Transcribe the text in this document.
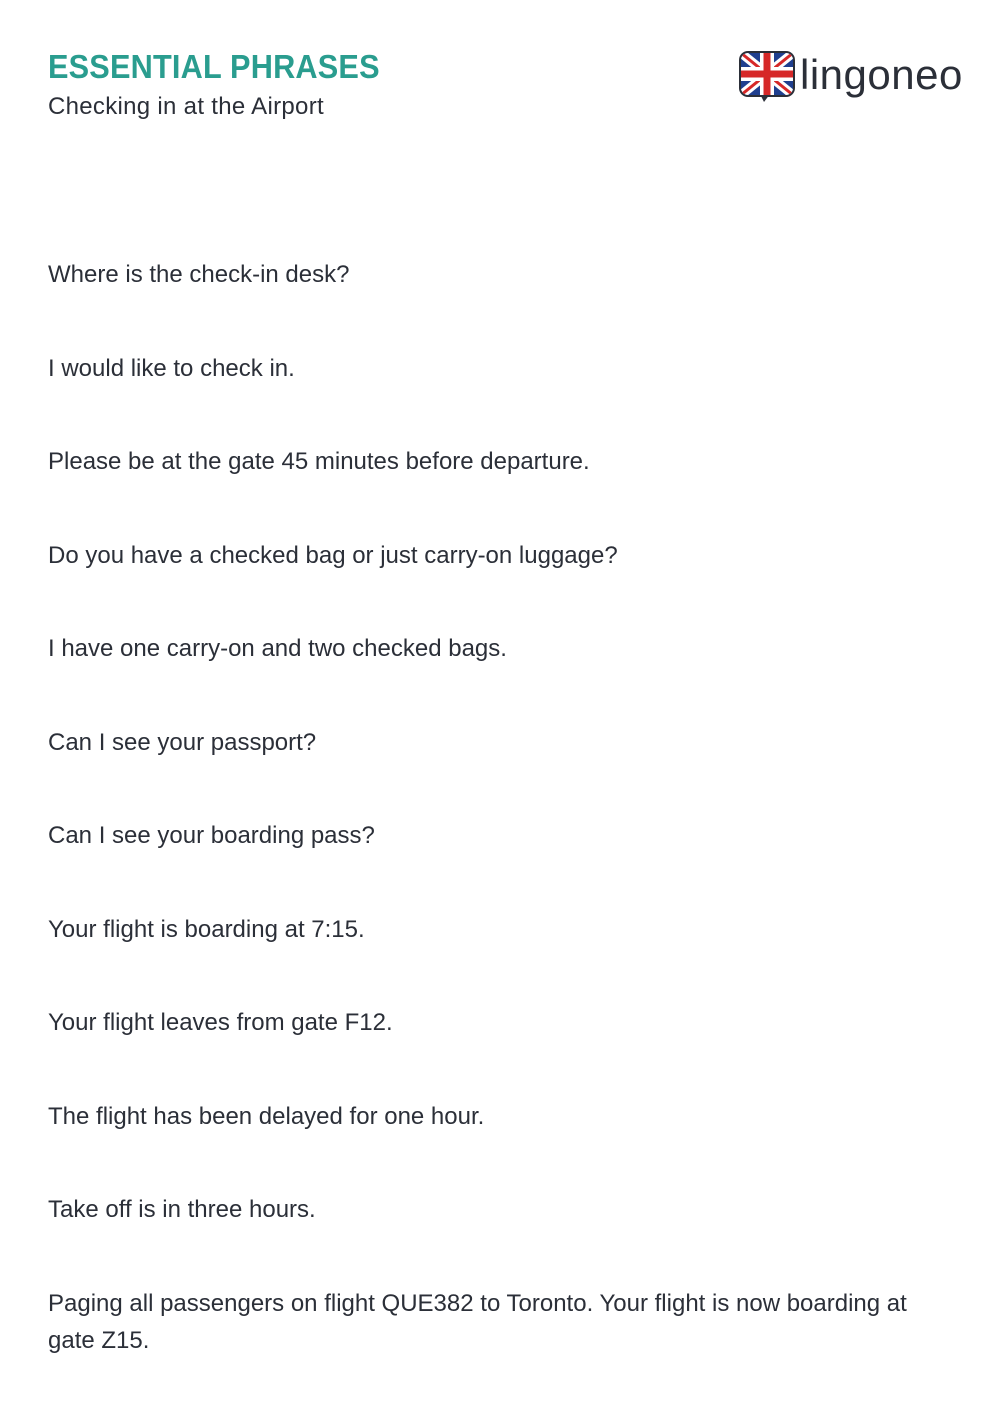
ESSENTIAL PHRASES

Checking in at the Airport

lingoneo
Where is the check-in desk?
I would like to check in.
Please be at the gate 45 minutes before departure.
Do you have a checked bag or just carry-on luggage?
I have one carry-on and two checked bags.
Can I see your passport?
Can I see your boarding pass?
Your flight is boarding at 7:15.
Your flight leaves from gate F12.
The flight has been delayed for one hour.
Take off is in three hours.
Paging all passengers on flight QUE382 to Toronto. Your flight is now boarding at gate Z15.
